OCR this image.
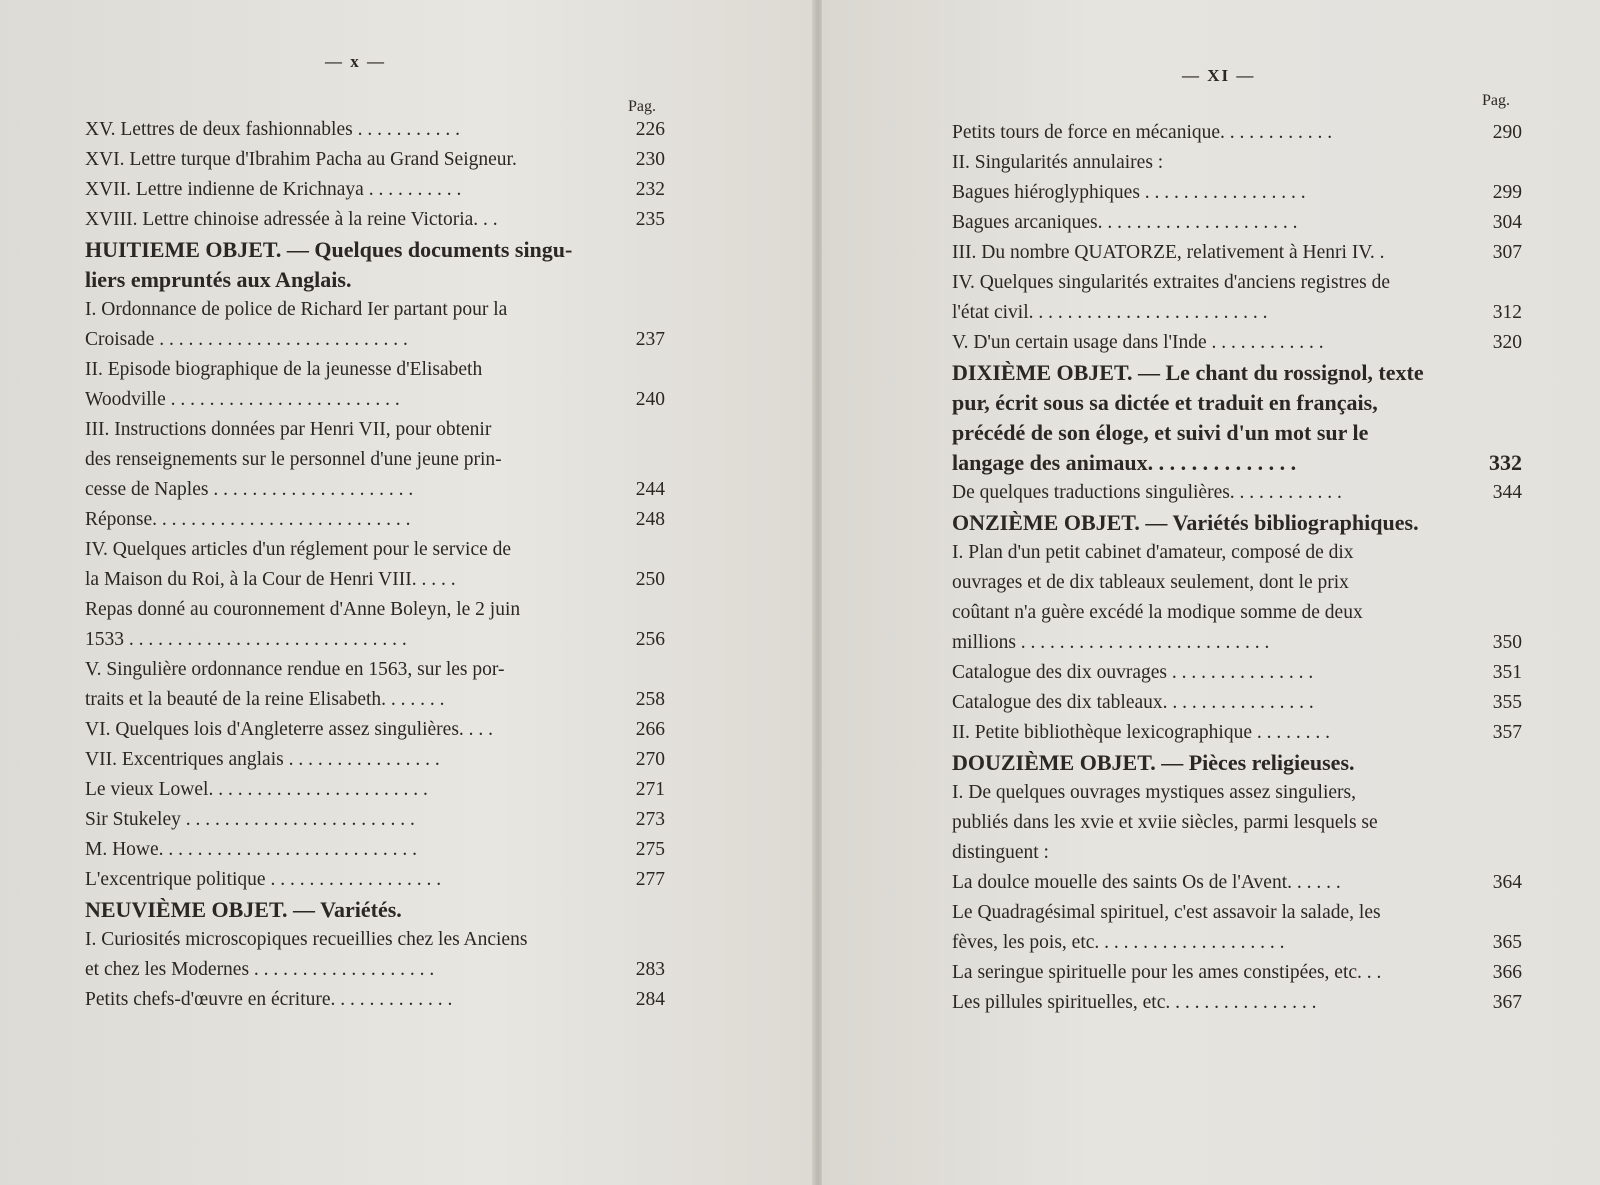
— x —
Pag.
XV. Lettres de deux fashionnables . . . . . . . . . . .	226
XVI. Lettre turque d'Ibrahim Pacha au Grand Seigneur.	230
XVII. Lettre indienne de Krichnaya . . . . . . . . . .	232
XVIII. Lettre chinoise adressée à la reine Victoria. . .	235
HUITIEME OBJET. — Quelques documents singu-
liers empruntés aux Anglais.
I. Ordonnance de police de Richard Ier partant pour la
Croisade . . . . . . . . . . . . . . . . . . . . . . . . . .	237
II. Episode biographique de la jeunesse d'Elisabeth
Woodville . . . . . . . . . . . . . . . . . . . . . . . .	240
III. Instructions données par Henri VII, pour obtenir
des renseignements sur le personnel d'une jeune prin-
cesse de Naples . . . . . . . . . . . . . . . . . . . . .	244
Réponse. . . . . . . . . . . . . . . . . . . . . . . . . . .	248
IV. Quelques articles d'un réglement pour le service de
la Maison du Roi, à la Cour de Henri VIII. . . . .	250
Repas donné au couronnement d'Anne Boleyn, le 2 juin
1533 . . . . . . . . . . . . . . . . . . . . . . . . . . . . .	256
V. Singulière ordonnance rendue en 1563, sur les por-
traits et la beauté de la reine Elisabeth. . . . . . .	258
VI. Quelques lois d'Angleterre assez singulières. . . .	266
VII. Excentriques anglais . . . . . . . . . . . . . . . .	270
Le vieux Lowel. . . . . . . . . . . . . . . . . . . . . . .	271
Sir Stukeley . . . . . . . . . . . . . . . . . . . . . . . .	273
M. Howe. . . . . . . . . . . . . . . . . . . . . . . . . . .	275
L'excentrique politique . . . . . . . . . . . . . . . . . .	277
NEUVIÈME OBJET. — Variétés.
I. Curiosités microscopiques recueillies chez les Anciens
et chez les Modernes . . . . . . . . . . . . . . . . . . .	283
Petits chefs-d'œuvre en écriture. . . . . . . . . . . . .	284
— XI —
Pag.
Petits tours de force en mécanique. . . . . . . . . . . .	290
II. Singularités annulaires :
Bagues hiéroglyphiques . . . . . . . . . . . . . . . . .	299
Bagues arcaniques. . . . . . . . . . . . . . . . . . . . .	304
III. Du nombre QUATORZE, relativement à Henri IV. .	307
IV. Quelques singularités extraites d'anciens registres de
l'état civil. . . . . . . . . . . . . . . . . . . . . . . . .	312
V. D'un certain usage dans l'Inde . . . . . . . . . . . .	320
DIXIÈME OBJET. — Le chant du rossignol, texte
pur, écrit sous sa dictée et traduit en français,
précédé de son éloge, et suivi d'un mot sur le
langage des animaux. . . . . . . . . . . . . .	332
De quelques traductions singulières. . . . . . . . . . . .	344
ONZIÈME OBJET. — Variétés bibliographiques.
I. Plan d'un petit cabinet d'amateur, composé de dix
ouvrages et de dix tableaux seulement, dont le prix
coûtant n'a guère excédé la modique somme de deux
millions . . . . . . . . . . . . . . . . . . . . . . . . . .	350
Catalogue des dix ouvrages . . . . . . . . . . . . . . .	351
Catalogue des dix tableaux. . . . . . . . . . . . . . . .	355
II. Petite bibliothèque lexicographique . . . . . . . .	357
DOUZIÈME OBJET. — Pièces religieuses.
I. De quelques ouvrages mystiques assez singuliers,
publiés dans les xvie et xviie siècles, parmi lesquels se
distinguent :
La doulce mouelle des saints Os de l'Avent. . . . . .	364
Le Quadragésimal spirituel, c'est assavoir la salade, les
fèves, les pois, etc. . . . . . . . . . . . . . . . . . . .	365
La seringue spirituelle pour les ames constipées, etc. . .	366
Les pillules spirituelles, etc. . . . . . . . . . . . . . . .	367
